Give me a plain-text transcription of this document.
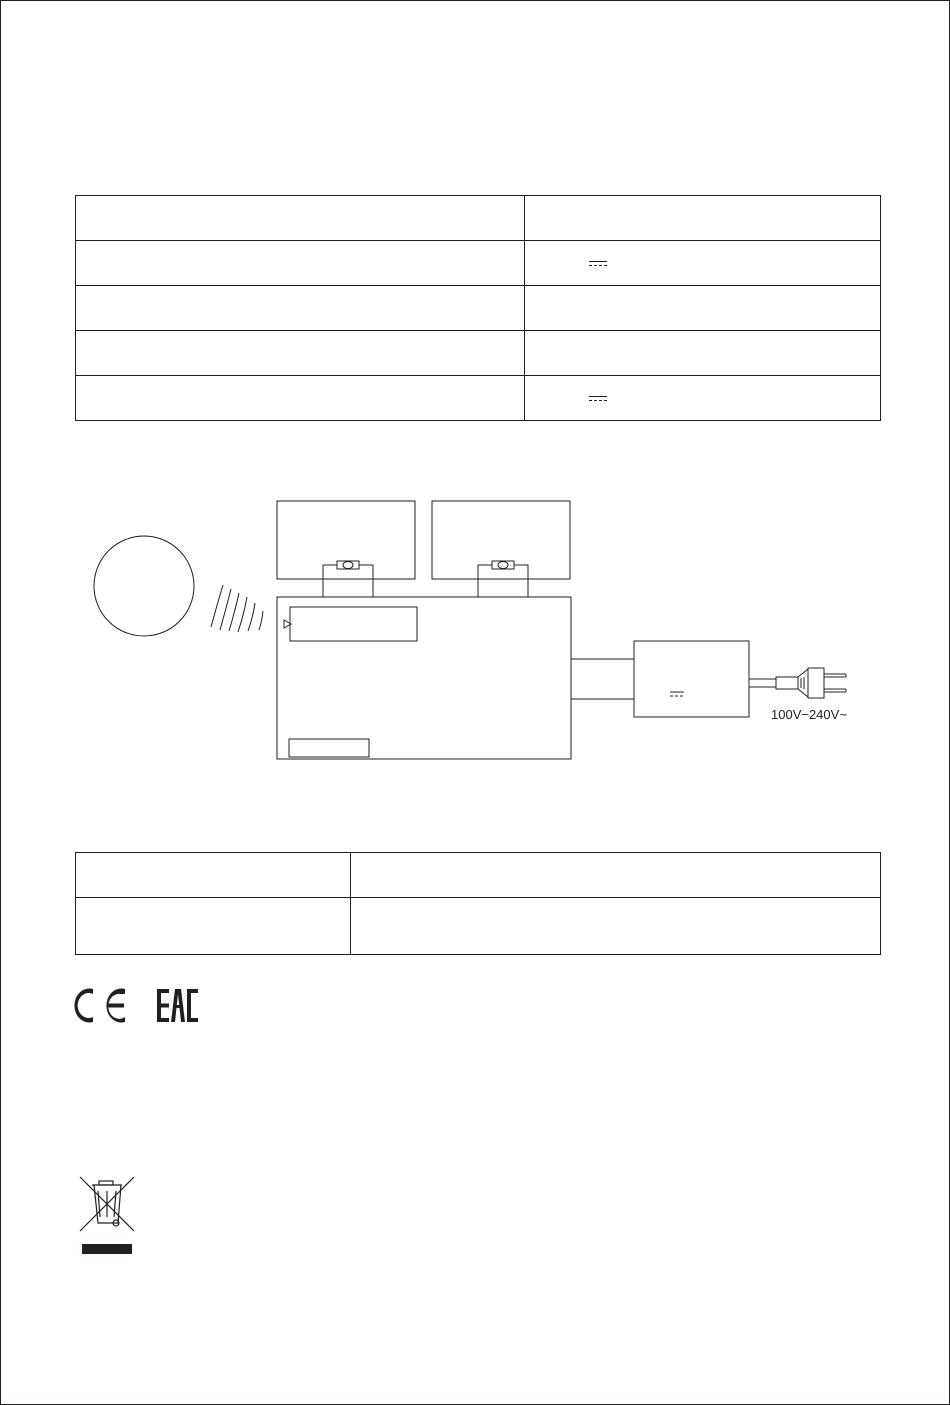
100V−240V~
